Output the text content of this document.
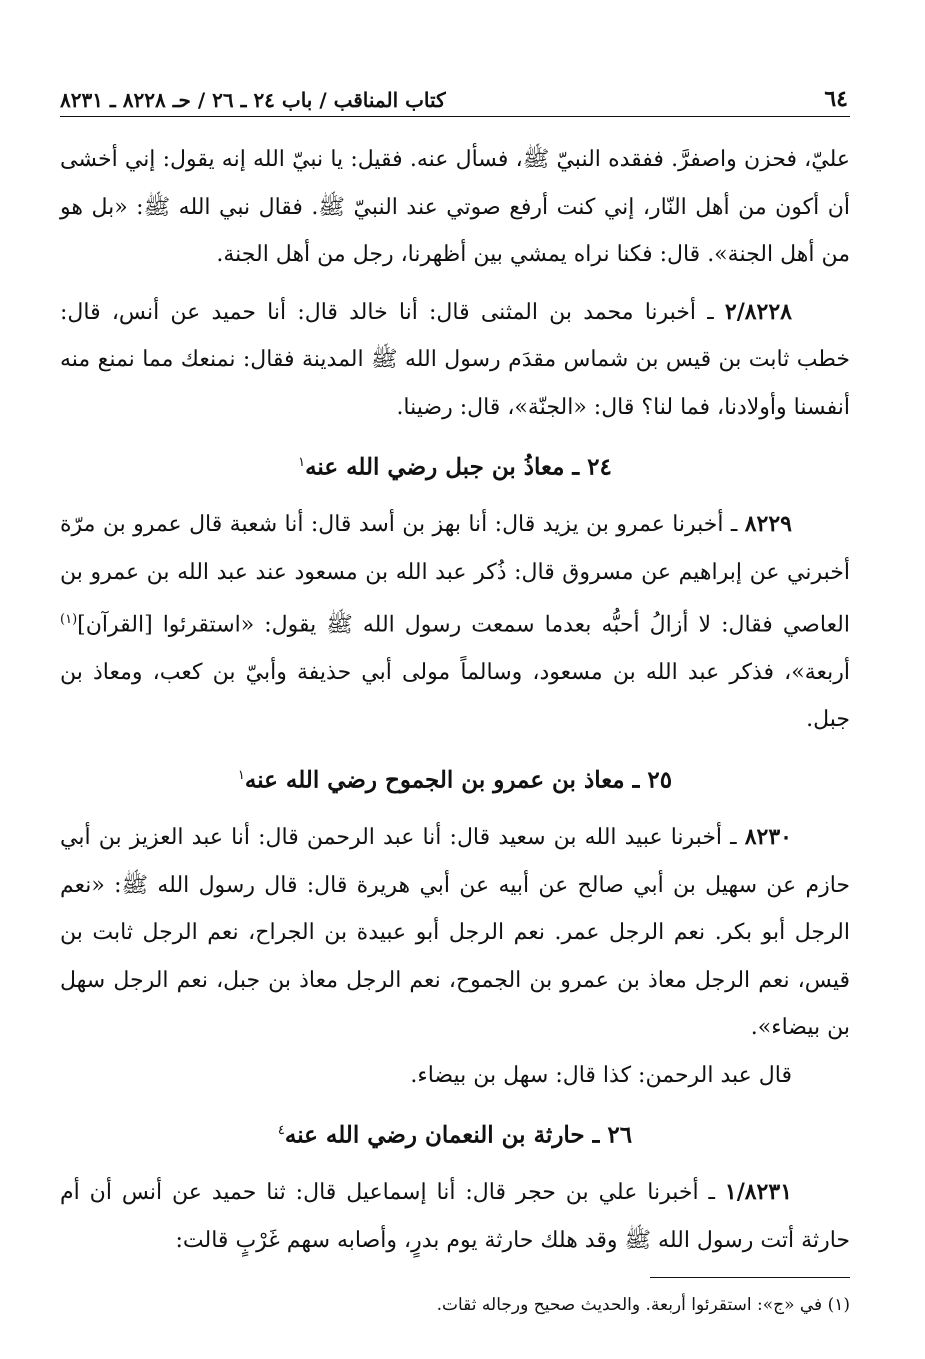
٦٤
كتاب المناقب / باب ٢٤ ـ ٢٦ / حـ ٨٢٢٨ ـ ٨٢٣١

عليّ، فحزن واصفرَّ. ففقده النبيّ ﷺ، فسأل عنه. فقيل: يا نبيّ الله إنه يقول: إني أخشى أن أكون من أهل النّار، إني كنت أرفع صوتي عند النبيّ ﷺ. فقال نبي الله ﷺ: «بل هو من أهل الجنة». قال: فكنا نراه يمشي بين أظهرنا، رجل من أهل الجنة.

٢/٨٢٢٨ ـ أخبرنا محمد بن المثنى قال: أنا خالد قال: أنا حميد عن أنس، قال: خطب ثابت بن قيس بن شماس مقدَم رسول الله ﷺ المدينة فقال: نمنعك مما نمنع منه أنفسنا وأولادنا، فما لنا؟ قال: «الجنّة»، قال: رضينا.

٢٤ ـ معاذُ بن جبل رضي الله عنه$^١$

٨٢٢٩ ـ أخبرنا عمرو بن يزيد قال: أنا بهز بن أسد قال: أنا شعبة قال عمرو بن مرّة أخبرني عن إبراهيم عن مسروق قال: ذُكر عبد الله بن مسعود عند عبد الله بن عمرو بن العاصي فقال: لا أزالُ أحبُّه بعدما سمعت رسول الله ﷺ يقول: «استقرئوا [القرآن]$^{(١)}$ أربعة»، فذكر عبد الله بن مسعود، وسالماً مولى أبي حذيفة وأبيّ بن كعب، ومعاذ بن جبل.

٢٥ ـ معاذ بن عمرو بن الجموح رضي الله عنه$^١$

٨٢٣٠ ـ أخبرنا عبيد الله بن سعيد قال: أنا عبد الرحمن قال: أنا عبد العزيز بن أبي حازم عن سهيل بن أبي صالح عن أبيه عن أبي هريرة قال: قال رسول الله ﷺ: «نعم الرجل أبو بكر. نعم الرجل عمر. نعم الرجل أبو عبيدة بن الجراح، نعم الرجل ثابت بن قيس، نعم الرجل معاذ بن عمرو بن الجموح، نعم الرجل معاذ بن جبل، نعم الرجل سهل بن بيضاء».

قال عبد الرحمن: كذا قال: سهل بن بيضاء.

٢٦ ـ حارثة بن النعمان رضي الله عنه$^٤$

١/٨٢٣١ ـ أخبرنا علي بن حجر قال: أنا إسماعيل قال: ثنا حميد عن أنس أن أم حارثة أتت رسول الله ﷺ وقد هلك حارثة يوم بدرٍ، وأصابه سهم غَرْبٍ قالت:

(١) في «ج»: استقرئوا أربعة. والحديث صحيح ورجاله ثقات.
